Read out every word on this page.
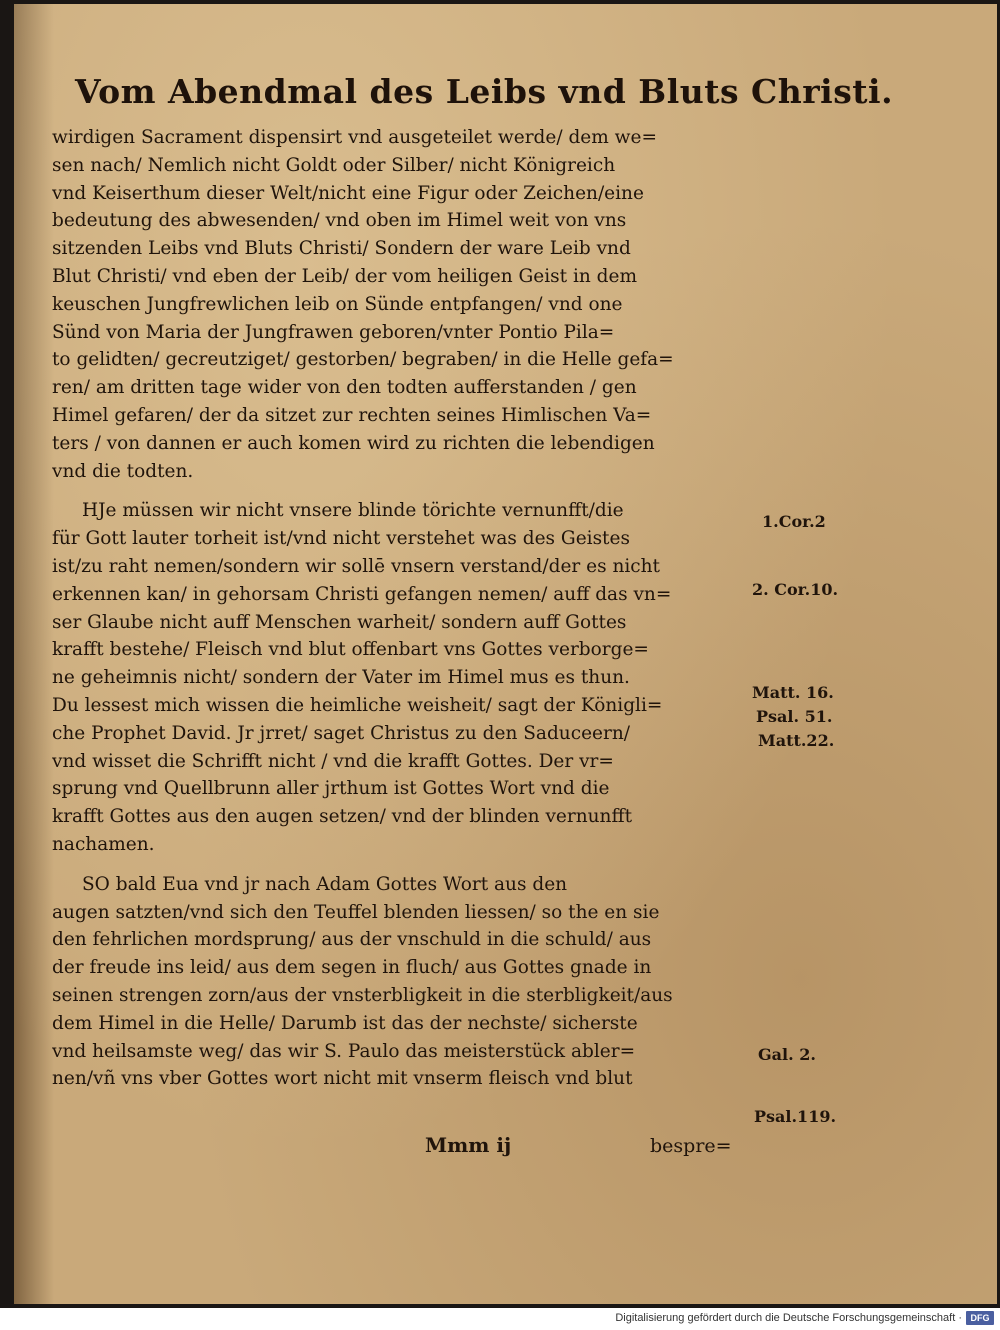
Vom Abendmal des Leibs vnd Bluts Christi.
wirdigen Sacrament dispensirt vnd ausgeteilet werde/ dem we=
sen nach/ Nemlich nicht Goldt oder Silber/ nicht Königreich
vnd Keiserthum dieser Welt/nicht eine Figur oder Zeichen/eine
bedeutung des abwesenden/ vnd oben im Himel weit von vns
sitzenden Leibs vnd Bluts Christi/ Sondern der ware Leib vnd
Blut Christi/ vnd eben der Leib/ der vom heiligen Geist in dem
keuschen Jungfrewlichen leib on Sünde entpfangen/ vnd one
Sünd von Maria der Jungfrawen geboren/vnter Pontio Pila=
to gelidten/ gecreutziget/ gestorben/ begraben/ in die Helle gefa=
ren/ am dritten tage wider von den todten aufferstanden / gen
Himel gefaren/ der da sitzet zur rechten seines Himlischen Va=
ters / von dannen er auch komen wird zu richten die lebendigen
vnd die todten.
HJe müssen wir nicht vnsere blinde törichte vernunfft/die
für Gott lauter torheit ist/vnd nicht verstehet was des Geistes
ist/zu raht nemen/sondern wir sollē vnsern verstand/der es nicht
erkennen kan/ in gehorsam Christi gefangen nemen/ auff das vn=
ser Glaube nicht auff Menschen warheit/ sondern auff Gottes
krafft bestehe/ Fleisch vnd blut offenbart vns Gottes verborge=
ne geheimnis nicht/ sondern der Vater im Himel mus es thun.
Du lessest mich wissen die heimliche weisheit/ sagt der Königli=
che Prophet David. Jr jrret/ saget Christus zu den Saduceern/
vnd wisset die Schrifft nicht / vnd die krafft Gottes. Der vr=
sprung vnd Quellbrunn aller jrthum ist Gottes Wort vnd die
krafft Gottes aus den augen setzen/ vnd der blinden vernunfft
nachamen.
SO bald Eua vnd jr nach Adam Gottes Wort aus den
augen satzten/vnd sich den Teuffel blenden liessen/ so the en sie
den fehrlichen mordsprung/ aus der vnschuld in die schuld/ aus
der freude ins leid/ aus dem segen in fluch/ aus Gottes gnade in
seinen strengen zorn/aus der vnsterbligkeit in die sterbligkeit/aus
dem Himel in die Helle/ Darumb ist das der nechste/ sicherste
vnd heilsamste weg/ das wir S. Paulo das meisterstück abler=
nen/vñ vns vber Gottes wort nicht mit vnserm fleisch vnd blut
1.Cor.2
2. Cor.10.
Matt. 16.
Psal. 51.
Matt.22.
Gal. 2.
Psal.119.
Mmm ij	bespre=
Digitalisierung gefördert durch die Deutsche Forschungsgemeinschaft · DFG
